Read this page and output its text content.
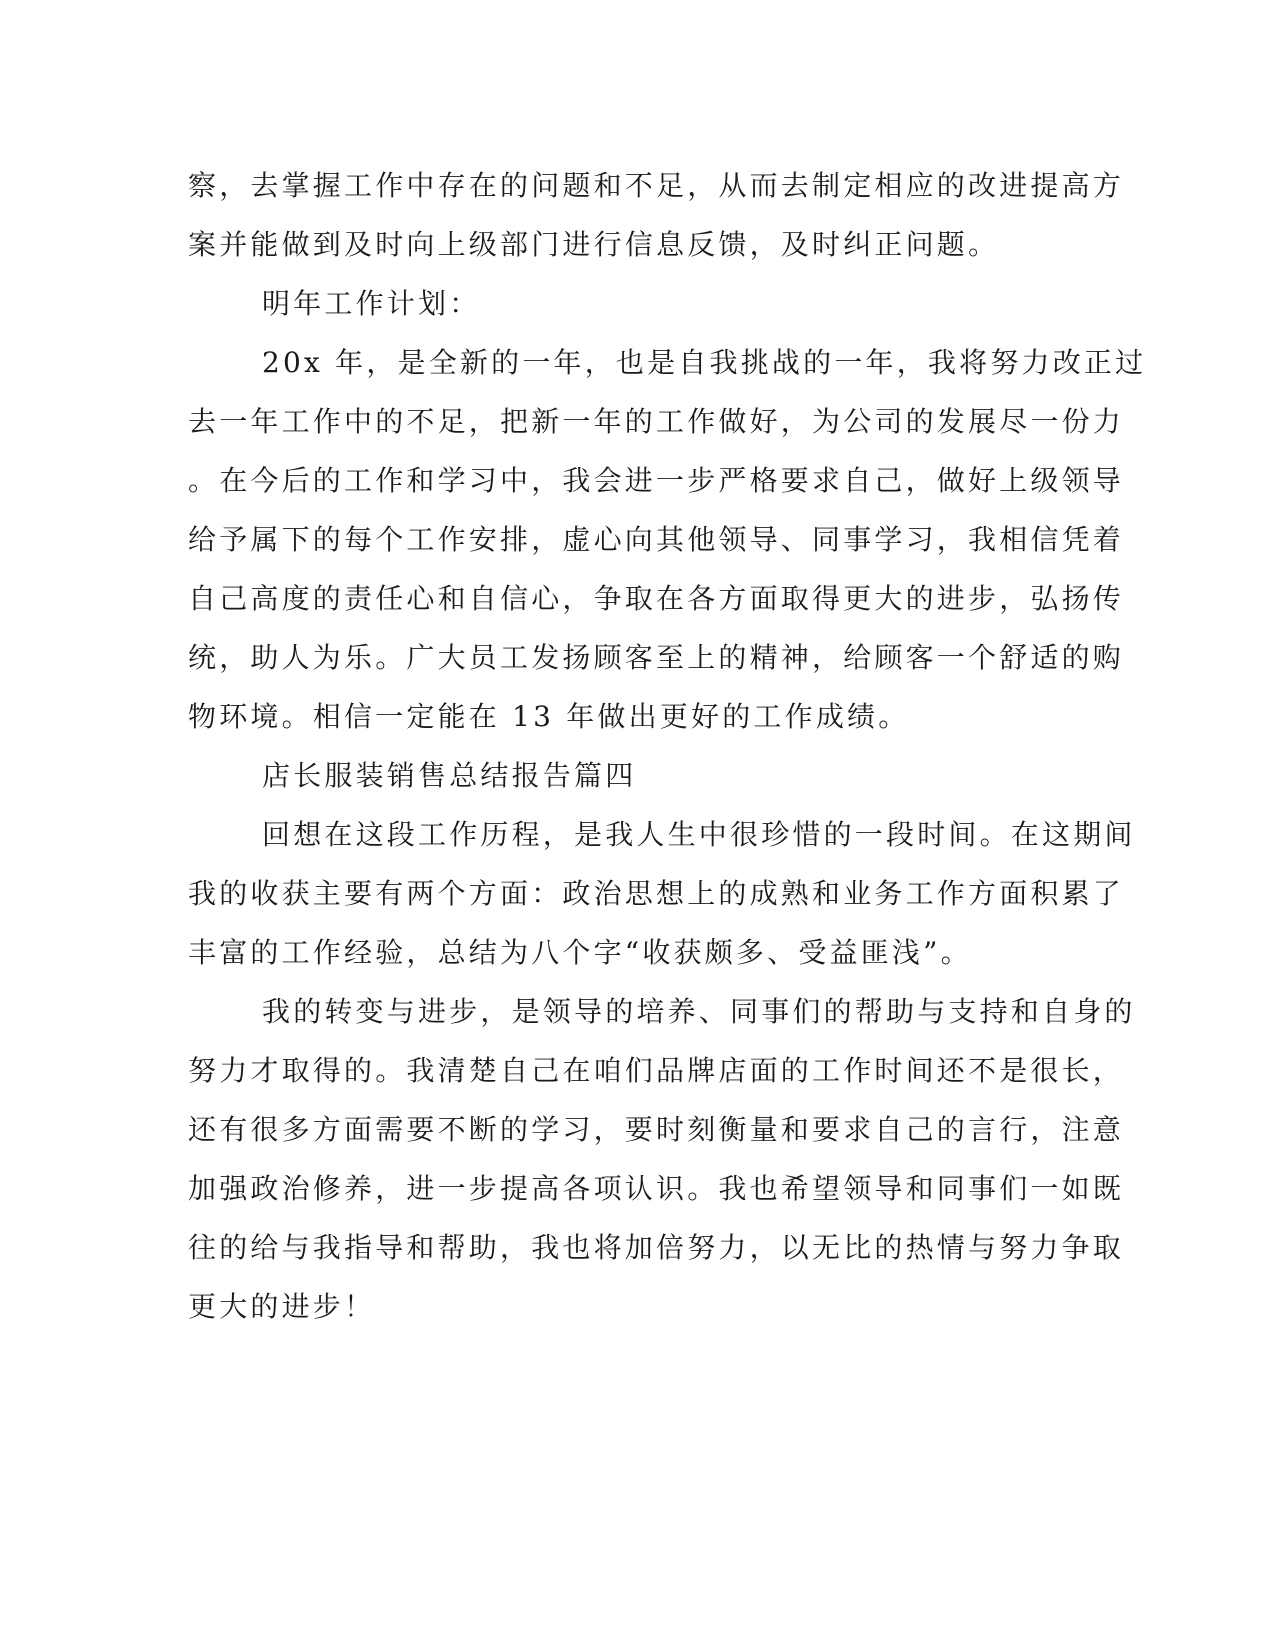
察，去掌握工作中存在的问题和不足，从而去制定相应的改进提高方
案并能做到及时向上级部门进行信息反馈，及时纠正问题。
明年工作计划：
20x 年，是全新的一年，也是自我挑战的一年，我将努力改正过
去一年工作中的不足，把新一年的工作做好，为公司的发展尽一份力
。在今后的工作和学习中，我会进一步严格要求自己，做好上级领导
给予属下的每个工作安排，虚心向其他领导、同事学习，我相信凭着
自己高度的责任心和自信心，争取在各方面取得更大的进步，弘扬传
统，助人为乐。广大员工发扬顾客至上的精神，给顾客一个舒适的购
物环境。相信一定能在 13 年做出更好的工作成绩。
店长服装销售总结报告篇四
回想在这段工作历程，是我人生中很珍惜的一段时间。在这期间
我的收获主要有两个方面：政治思想上的成熟和业务工作方面积累了
丰富的工作经验，总结为八个字“收获颇多、受益匪浅”。
我的转变与进步，是领导的培养、同事们的帮助与支持和自身的
努力才取得的。我清楚自己在咱们品牌店面的工作时间还不是很长，
还有很多方面需要不断的学习，要时刻衡量和要求自己的言行，注意
加强政治修养，进一步提高各项认识。我也希望领导和同事们一如既
往的给与我指导和帮助，我也将加倍努力，以无比的热情与努力争取
更大的进步！
